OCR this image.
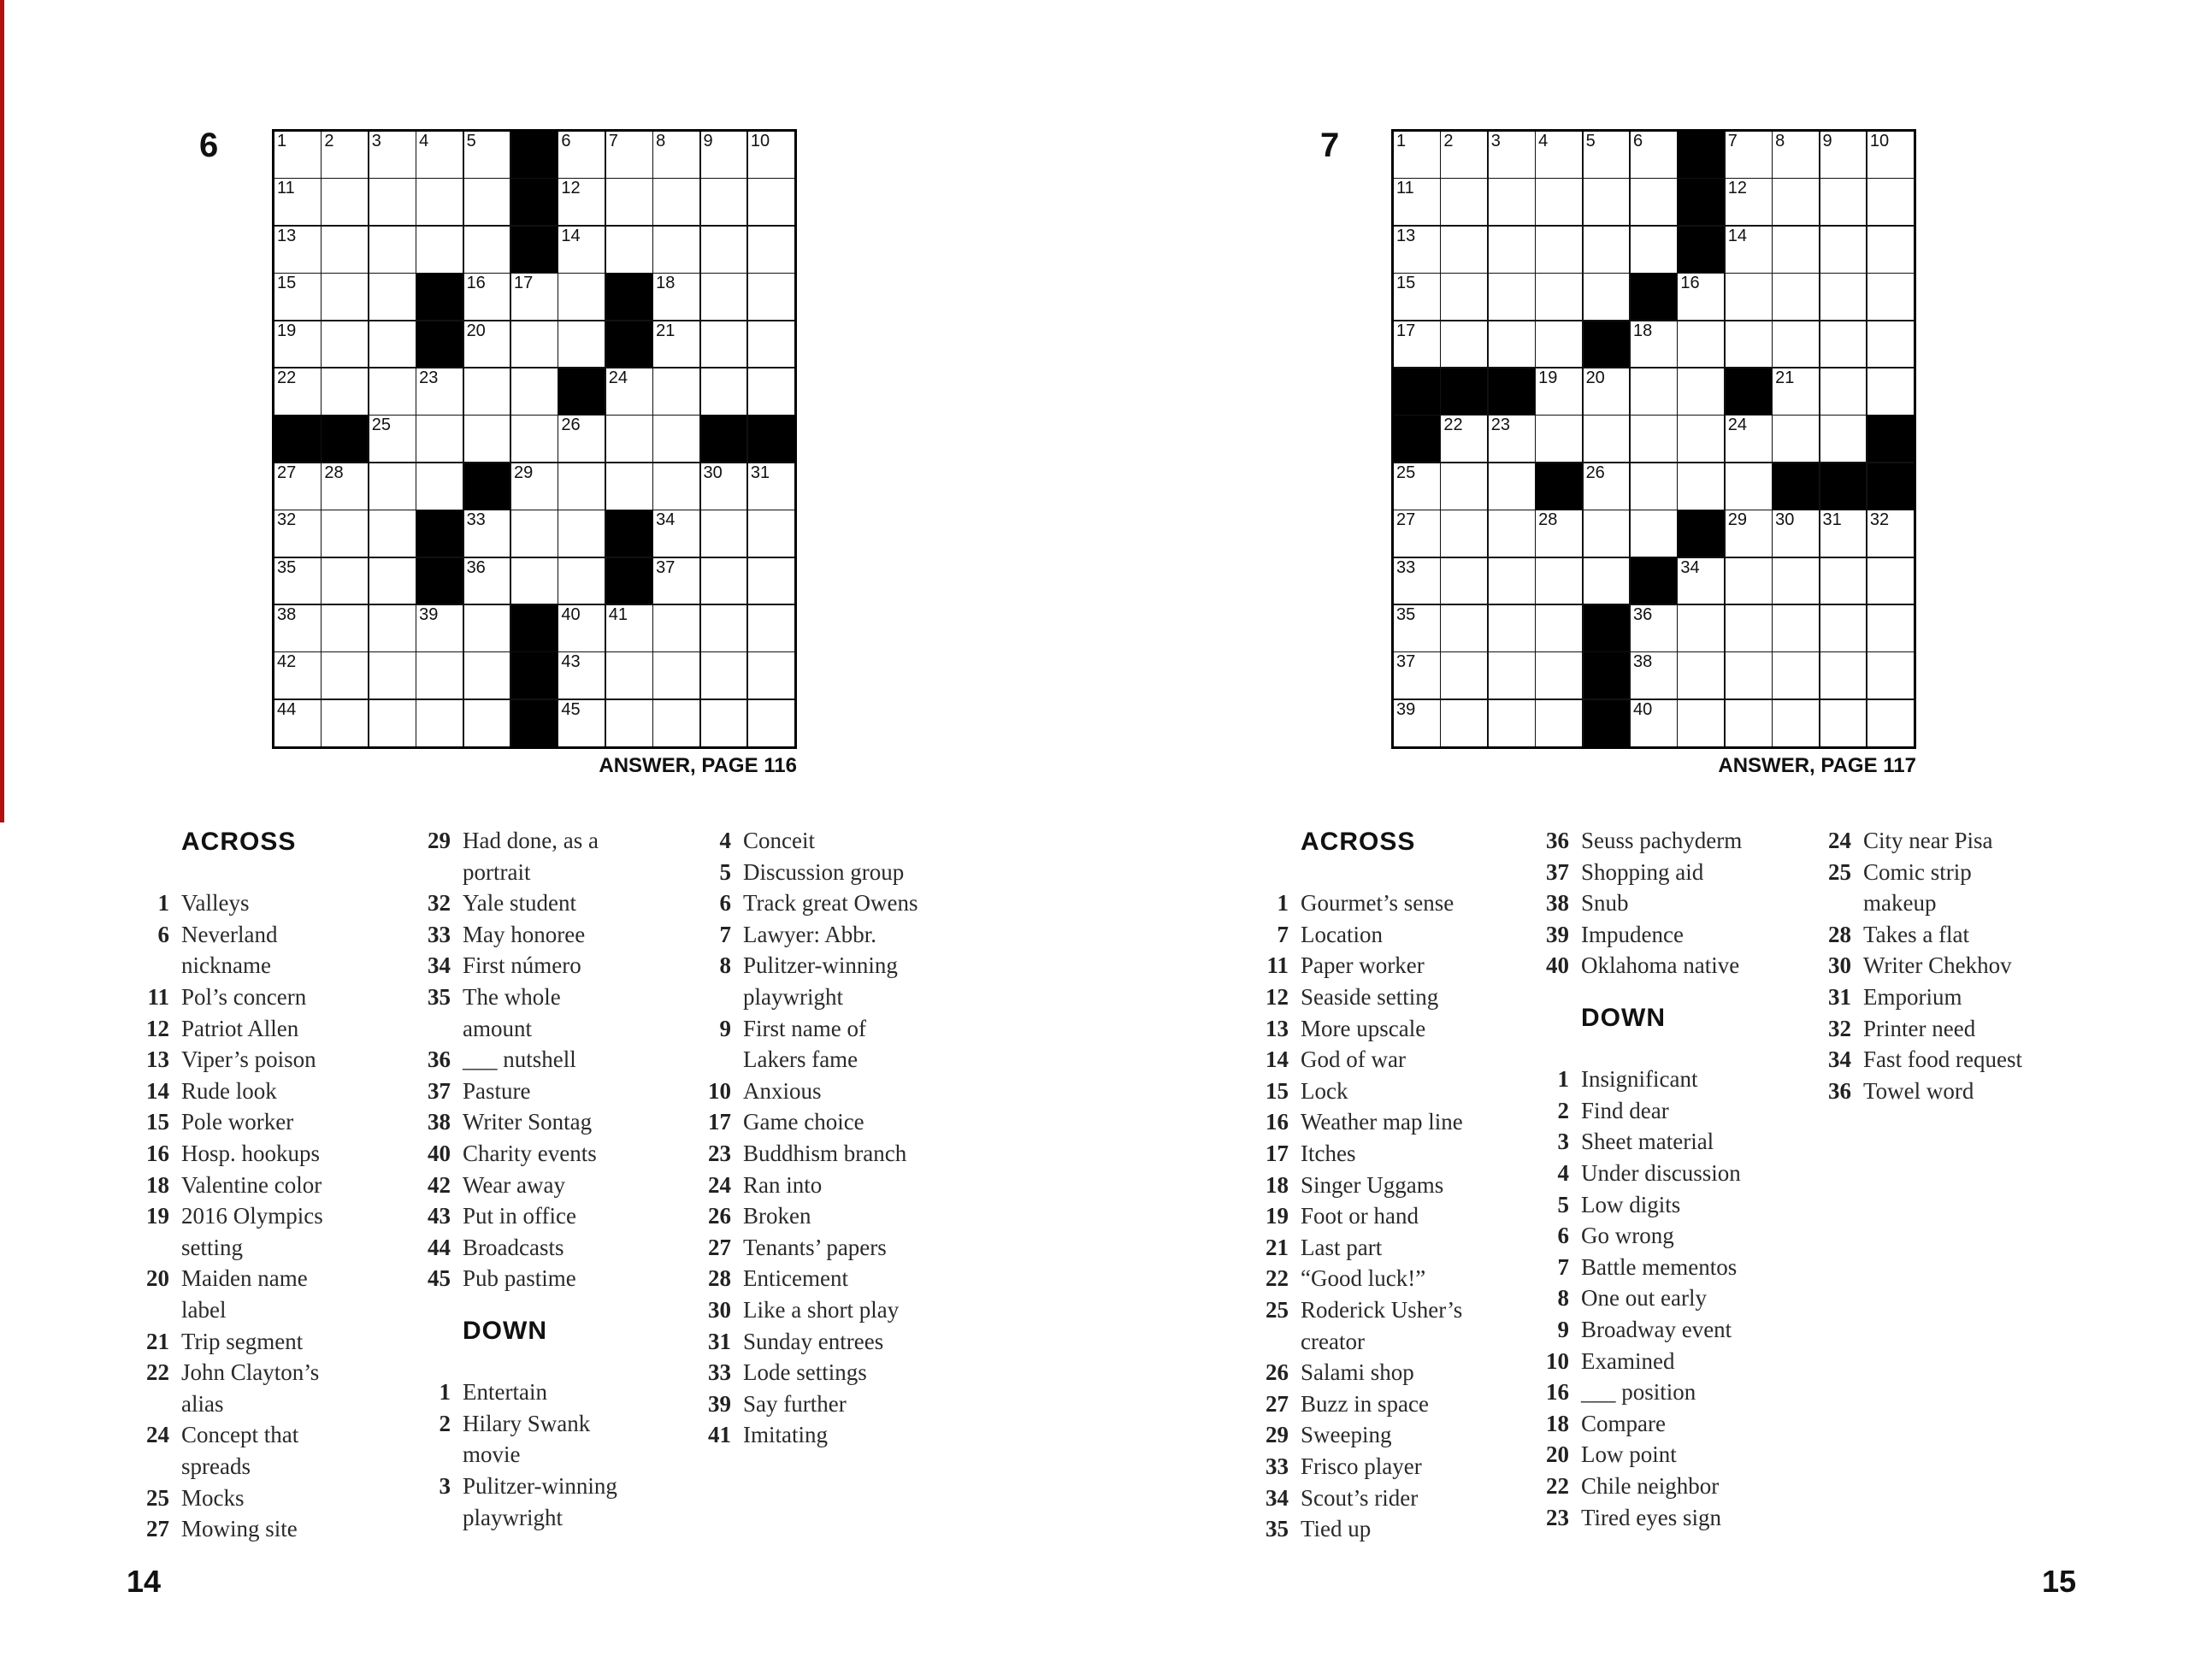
6	1 2 3 4 5	6 7 8 9 10
11	12
13	14
15	16 17	18
19	20	21
22	23	24
25	26
27 28	29	30 31
32	33	34
35	36	37
38	39	40 41
42	43
44	45
ANSWER, PAGE 116
ACROSS
1 Valleys
6 Neverland
nickname
11 Pol’s concern
12 Patriot Allen
13 Viper’s poison
14 Rude look
15 Pole worker
16 Hosp. hookups
18 Valentine color
19 2016 Olympics
setting
20 Maiden name
label
21 Trip segment
22 John Clayton’s
alias
24 Concept that
spreads
25 Mocks
27 Mowing site
29 Had done, as a
portrait
32 Yale student
33 May honoree
34 First número
35 The whole
amount
36 ___ nutshell
37 Pasture
38 Writer Sontag
40 Charity events
42 Wear away
43 Put in office
44 Broadcasts
45 Pub pastime
DOWN
1 Entertain
2 Hilary Swank
movie
3 Pulitzer-winning
playwright
4 Conceit
5 Discussion group
6 Track great Owens
7 Lawyer: Abbr.
8 Pulitzer-winning
playwright
9 First name of
Lakers fame
10 Anxious
17 Game choice
23 Buddhism branch
24 Ran into
26 Broken
27 Tenants’ papers
28 Enticement
30 Like a short play
31 Sunday entrees
33 Lode settings
39 Say further
41 Imitating
7	1 2 3 4 5 6	7 8 9 10
11	12
13	14
15	16
17	18
19 20	21
22 23	24
25	26
27	28	29 30 31 32
33	34
35	36
37	38
39	40
ANSWER, PAGE 117
ACROSS
1 Gourmet’s sense
7 Location
11 Paper worker
12 Seaside setting
13 More upscale
14 God of war
15 Lock
16 Weather map line
17 Itches
18 Singer Uggams
19 Foot or hand
21 Last part
22 “Good luck!”
25 Roderick Usher’s
creator
26 Salami shop
27 Buzz in space
29 Sweeping
33 Frisco player
34 Scout’s rider
35 Tied up
36 Seuss pachyderm
37 Shopping aid
38 Snub
39 Impudence
40 Oklahoma native
DOWN
1 Insignificant
2 Find dear
3 Sheet material
4 Under discussion
5 Low digits
6 Go wrong
7 Battle mementos
8 One out early
9 Broadway event
10 Examined
16 ___ position
18 Compare
20 Low point
22 Chile neighbor
23 Tired eyes sign
24 City near Pisa
25 Comic strip
makeup
28 Takes a flat
30 Writer Chekhov
31 Emporium
32 Printer need
34 Fast food request
36 Towel word
14	15
